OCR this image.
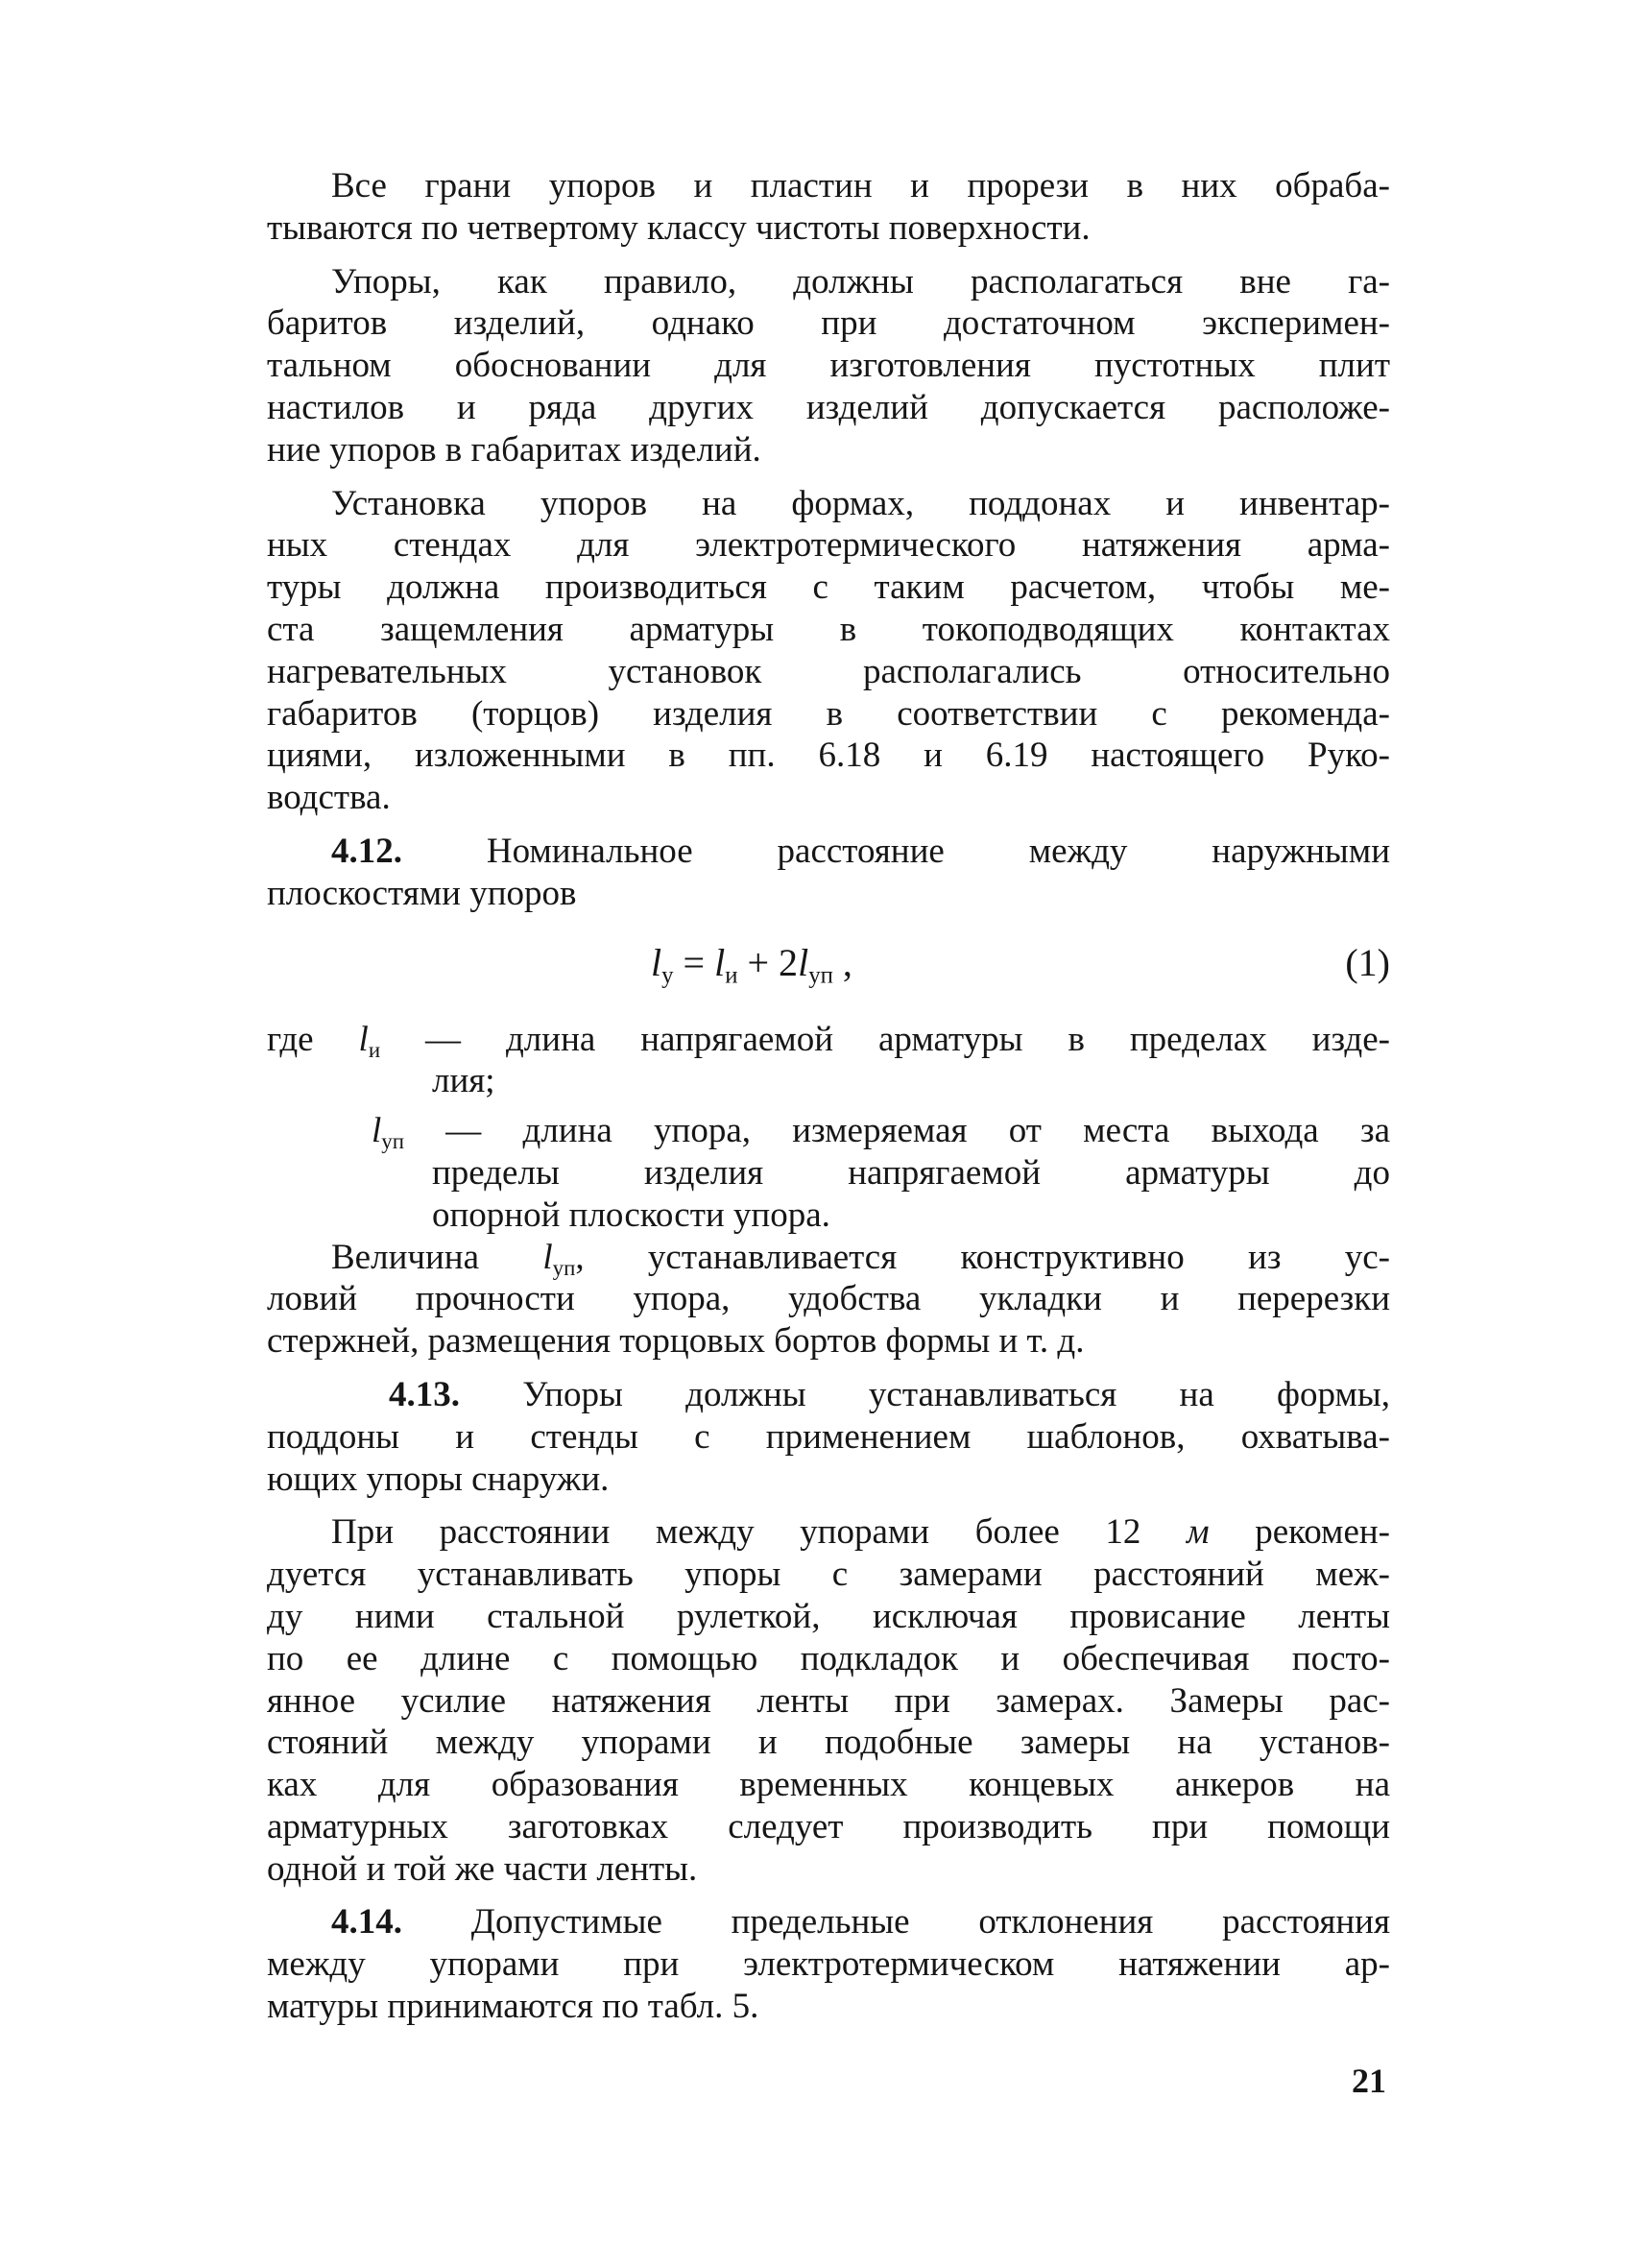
Все грани упоров и пластин и прорези в них обраба-
тываются по четвертому классу чистоты поверхности.
Упоры, как правило, должны располагаться вне га-
баритов изделий, однако при достаточном эксперимен-
тальном обосновании для изготовления пустотных плит
настилов и ряда других изделий допускается расположе-
ние упоров в габаритах изделий.
Установка упоров на формах, поддонах и инвентар-
ных стендах для электротермического натяжения арма-
туры должна производиться с таким расчетом, чтобы ме-
ста защемления арматуры в токоподводящих контактах
нагревательных установок располагались относительно
габаритов (торцов) изделия в соответствии с рекоменда-
циями, изложенными в пп. 6.18 и 6.19 настоящего Руко-
водства.
4.12. Номинальное расстояние между наружными
плоскостями упоров
$l_у = l_и + 2l_{уп}$ ,	(1)
где $l_и$ — длина напрягаемой арматуры в пределах изде-
лия;
$l_{уп}$ — длина упора, измеряемая от места выхода за
пределы изделия напрягаемой арматуры до
опорной плоскости упора.
Величина $l_{уп}$, устанавливается конструктивно из ус-
ловий прочности упора, удобства укладки и перерезки
стержней, размещения торцовых бортов формы и т. д.
4.13. Упоры должны устанавливаться на формы,
поддоны и стенды с применением шаблонов, охватыва-
ющих упоры снаружи.
При расстоянии между упорами более 12 м рекомен-
дуется устанавливать упоры с замерами расстояний меж-
ду ними стальной рулеткой, исключая провисание ленты
по ее длине с помощью подкладок и обеспечивая посто-
янное усилие натяжения ленты при замерах. Замеры рас-
стояний между упорами и подобные замеры на установ-
ках для образования временных концевых анкеров на
арматурных заготовках следует производить при помощи
одной и той же части ленты.
4.14. Допустимые предельные отклонения расстояния
между упорами при электротермическом натяжении ар-
матуры принимаются по табл. 5.
21
